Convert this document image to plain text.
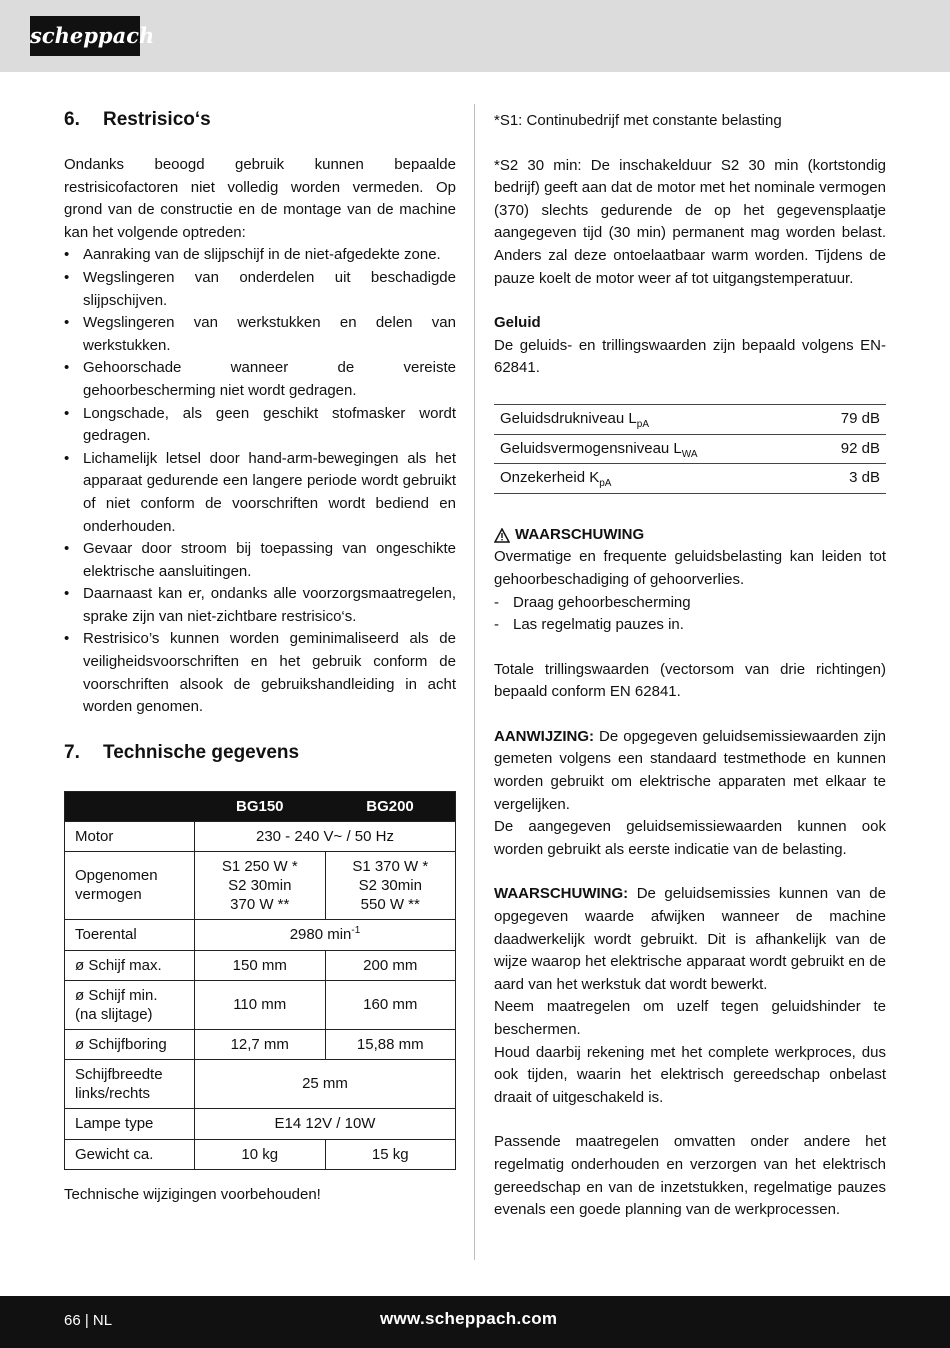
scheppach
6.	Restrisico‘s

Ondanks beoogd gebruik kunnen bepaalde restrisicofactoren niet volledig worden vermeden. Op grond van de constructie en de montage van de machine kan het volgende optreden:

• Aanraking van de slijpschijf in de niet-afgedekte zone.
• Wegslingeren van onderdelen uit beschadigde slijpschijven.
• Wegslingeren van werkstukken en delen van werkstukken.
• Gehoorschade wanneer de vereiste gehoorbescherming niet wordt gedragen.
• Longschade, als geen geschikt stofmasker wordt gedragen.
• Lichamelijk letsel door hand-arm-bewegingen als het apparaat gedurende een langere periode wordt gebruikt of niet conform de voorschriften wordt bediend en onderhouden.
• Gevaar door stroom bij toepassing van ongeschikte elektrische aansluitingen.
• Daarnaast kan er, ondanks alle voorzorgsmaatregelen, sprake zijn van niet-zichtbare restrisico‘s.
• Restrisico’s kunnen worden geminimaliseerd als de veiligheidsvoorschriften en het gebruik conform de voorschriften alsook de gebruikshandleiding in acht worden genomen.
7.	Technische gegevens
	BG150	BG200
Motor	230 - 240 V~ / 50 Hz	
Opgenomen
vermogen	S1 250 W *
S2 30min
370 W **	S1 370 W *
S2 30min
550 W **
Toerental	2980 $\min^{-1}$
ø Schijf max.	150 mm	200 mm
ø Schijf min.
(na slijtage)	110 mm	160 mm
ø Schijfboring	12,7 mm	15,88 mm
Schijfbreedte
links/rechts	25 mm	
Lampe type	E14 12V / 10W	
Gewicht ca.	10 kg	15 kg

Technische wijzigingen voorbehouden!

*S1: Continubedrijf met constante belasting

*S2 30 min: De inschakelduur S2 30 min (kortstondig bedrijf) geeft aan dat de motor met het nominale vermogen (370) slechts gedurende de op het gegevensplaatje aangegeven tijd (30 min) permanent mag worden belast. Anders zal deze ontoelaatbaar warm worden. Tijdens de pauze koelt de motor weer af tot uitgangstemperatuur.

Geluid

De geluids- en trillingswaarden zijn bepaald volgens EN-62841.

Geluidsdrukniveau $L_{pA}$	79 dB
Geluidsvermogensniveau $L_{WA}$	92 dB
Onzekerheid $K_{pA}$	3 dB

WAARSCHUWING

Overmatige en frequente geluidsbelasting kan leiden tot gehoorbeschadiging of gehoorverlies.

- Draag gehoorbescherming
- Las regelmatig pauzes in.

Totale trillingswaarden (vectorsom van drie richtingen) bepaald conform EN 62841.

AANWIJZING: De opgegeven geluidsemissiewaarden zijn gemeten volgens een standaard testmethode en kunnen worden gebruikt om elektrische apparaten met elkaar te vergelijken.

De aangegeven geluidsemissiewaarden kunnen ook worden gebruikt als eerste indicatie van de belasting.

WAARSCHUWING: De geluidsemissies kunnen van de opgegeven waarde afwijken wanneer de machine daadwerkelijk wordt gebruikt. Dit is afhankelijk van de wijze waarop het elektrische apparaat wordt gebruikt en de aard van het werkstuk dat wordt bewerkt.

Neem maatregelen om uzelf tegen geluidshinder te beschermen.

Houd daarbij rekening met het complete werkproces, dus ook tijden, waarin het elektrisch gereedschap onbelast draait of uitgeschakeld is.

Passende maatregelen omvatten onder andere het regelmatig onderhouden en verzorgen van het elektrisch gereedschap en van de inzetstukken, regelmatige pauzes evenals een goede planning van de werkprocessen.

66 | NL	www.scheppach.com
